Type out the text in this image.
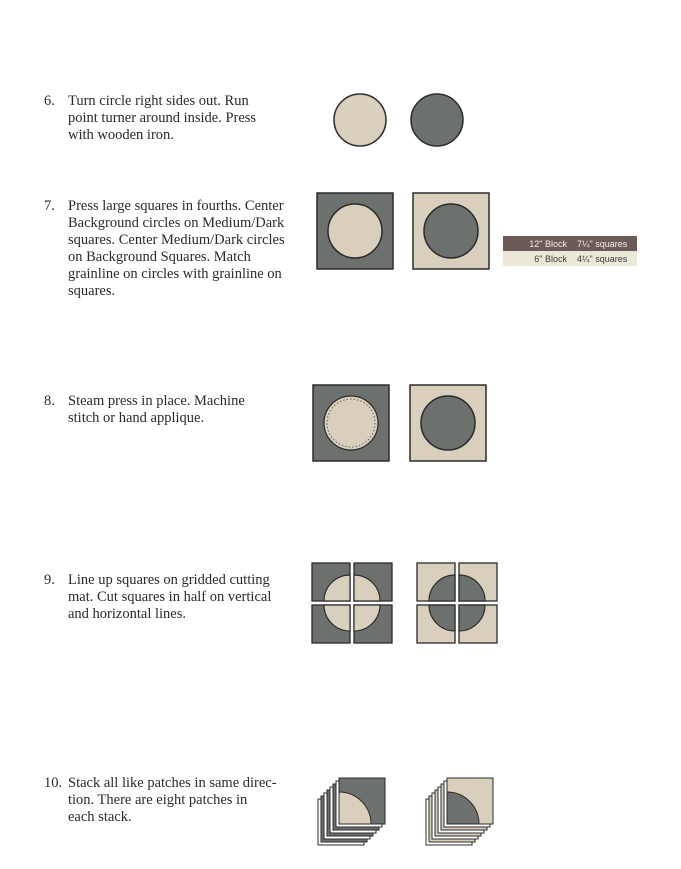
6. Turn circle right sides out. Run
point turner around inside. Press
with wooden iron.
7. Press large squares in fourths. Center
Background circles on Medium/Dark
squares. Center Medium/Dark circles
on Background Squares. Match
grainline on circles with grainline on
squares.
12" Block	7¼" squares
6" Block	4¼" squares
8. Steam press in place. Machine
stitch or hand applique.
9. Line up squares on gridded cutting
mat. Cut squares in half on vertical
and horizontal lines.
10. Stack all like patches in same direc-
tion. There are eight patches in
each stack.
